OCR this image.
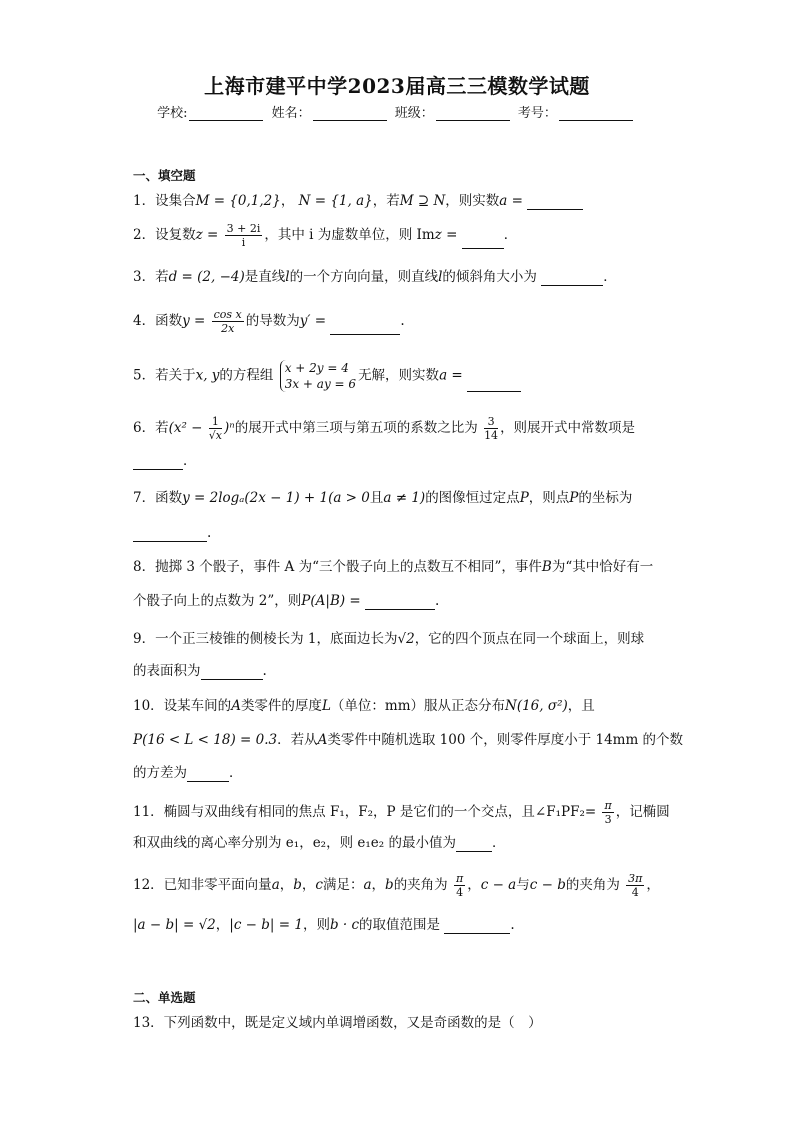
上海市建平中学2023届高三三模数学试题
学校:	姓名：	班级：	考号：
一、填空题
1．设集合M = {0,1,2}， N = {1, a}，若M ⊇ N，则实数a =
2．设复数$z = \frac{3 + 2i}{i}$ ，其中 i 为虚数单位，则 Imz =	．
3．若d = (2, −4)是直线l的一个方向向量，则直线l的倾斜角大小为	．
4．函数$y = \frac{\text{cos x}}{2x}$ 的导数为y′ =	.
5．若关于x, y的方程组 x + 2y = 4
3x + ay = 6
无解，则实数a =
6．若$(x^2 - \frac{1}{√x} )^n$的展开式中第三项与第五项的系数之比为 $\frac{3}{14}$ ，则展开式中常数项是
．
7．函数y = 2logₐ(2x − 1) + 1(a > 0且a ≠ 1)的图像恒过定点P，则点P的坐标为
.
8．抛掷 3 个骰子，事件 A 为“三个骰子向上的点数互不相同”，事件B为“其中恰好有一
个骰子向上的点数为 2”，则P(A|B) =	.
9．一个正三棱锥的侧棱长为 1，底面边长为√2，它的四个顶点在同一个球面上，则球
的表面积为	.
10．设某车间的A类零件的厚度L（单位：mm）服从正态分布N(16, σ²)，且
P(16 < L < 18) = 0.3．若从A类零件中随机选取 100 个，则零件厚度小于 14mm 的个数
的方差为	．
11．椭圆与双曲线有相同的焦点 F₁，F₂，P 是它们的一个交点，且∠F₁PF₂= $\frac{\pi}{3}$ ，记椭圆
和双曲线的离心率分别为 e₁，e₂，则 e₁e₂ 的最小值为	．
12．已知非零平面向量a，b，c满足：a，b的夹角为 $\frac{\pi}{4}$ ，c − a与c − b的夹角为 $\frac{3\pi}{4}$ ，
|a − b| = √2，|c − b| = 1，则b · c的取值范围是	.
二、单选题
13．下列函数中，既是定义域内单调增函数，又是奇函数的是（　）
